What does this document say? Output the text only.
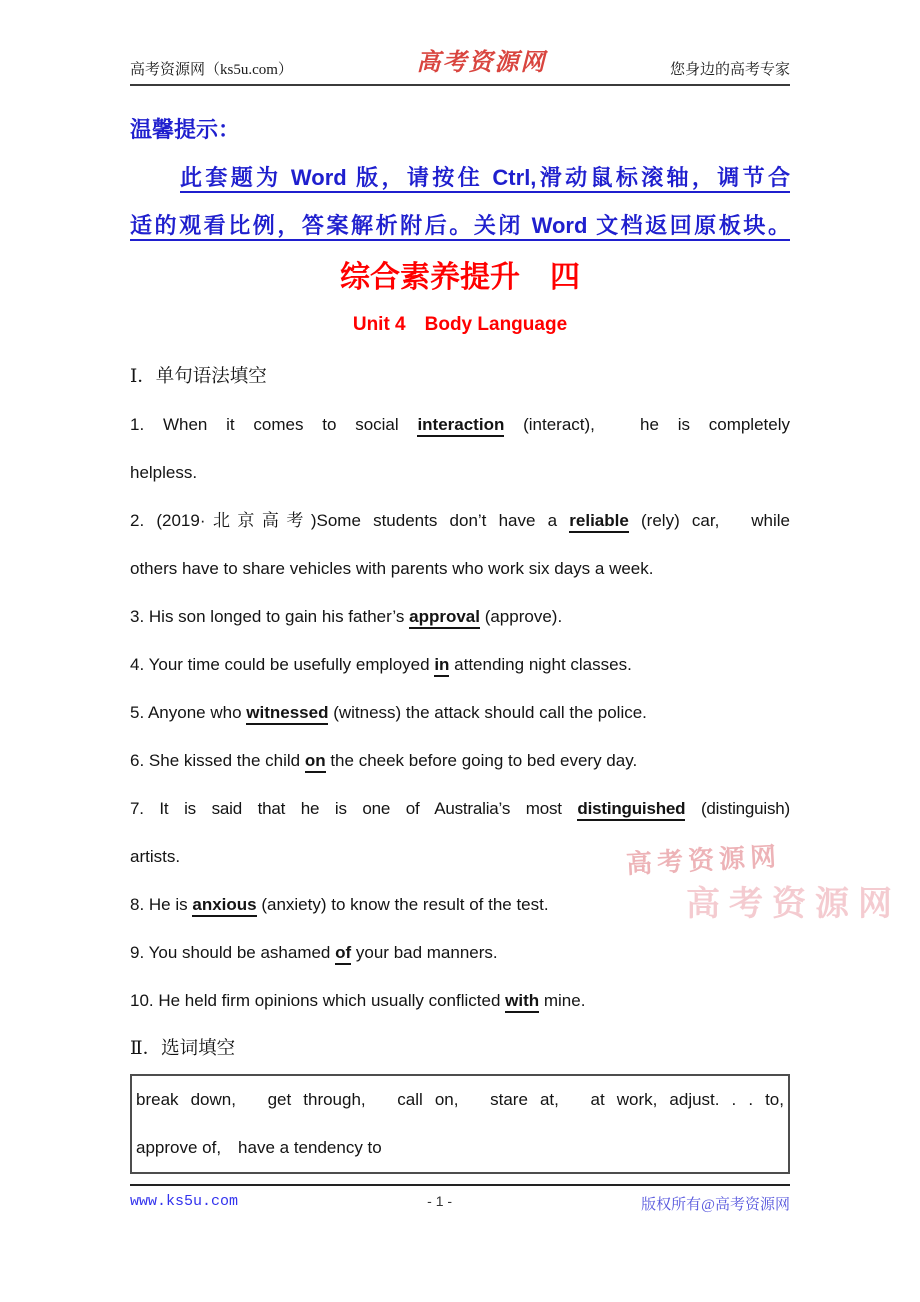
高考资源网（ks5u.com）	高考资源网	您身边的高考专家
温馨提示：
此套题为 Word 版，请按住 Ctrl,滑动鼠标滚轴，调节合
适的观看比例，答案解析附后。关闭 Word 文档返回原板块。
综合素养提升　四
Unit 4　Body Language
高考资源网
高考资源网

Ⅰ．单句语法填空

1. When it comes to social interaction (interact),　he is completely
helpless.

2. (2019·北京高考)Some students don’t have a reliable (rely) car,　while
others have to share vehicles with parents who work six days a week.

3. His son longed to gain his father’s approval (approve).

4. Your time could be usefully employed in attending night classes.

5. Anyone who witnessed (witness) the attack should call the police.

6. She kissed the child on the cheek before going to bed every day.

7. It is said that he is one of Australia’s most distinguished (distinguish)
artists.

8. He is anxious (anxiety) to know the result of the test.

9. You should be ashamed of your bad manners.

10. He held firm opinions which usually conflicted with mine.

Ⅱ．选词填空

break down,　get through,　call on,　stare at,　at work, adjust. . . to,
approve of,　have a tendency to
www.ks5u.com	- 1 -	版权所有@高考资源网
